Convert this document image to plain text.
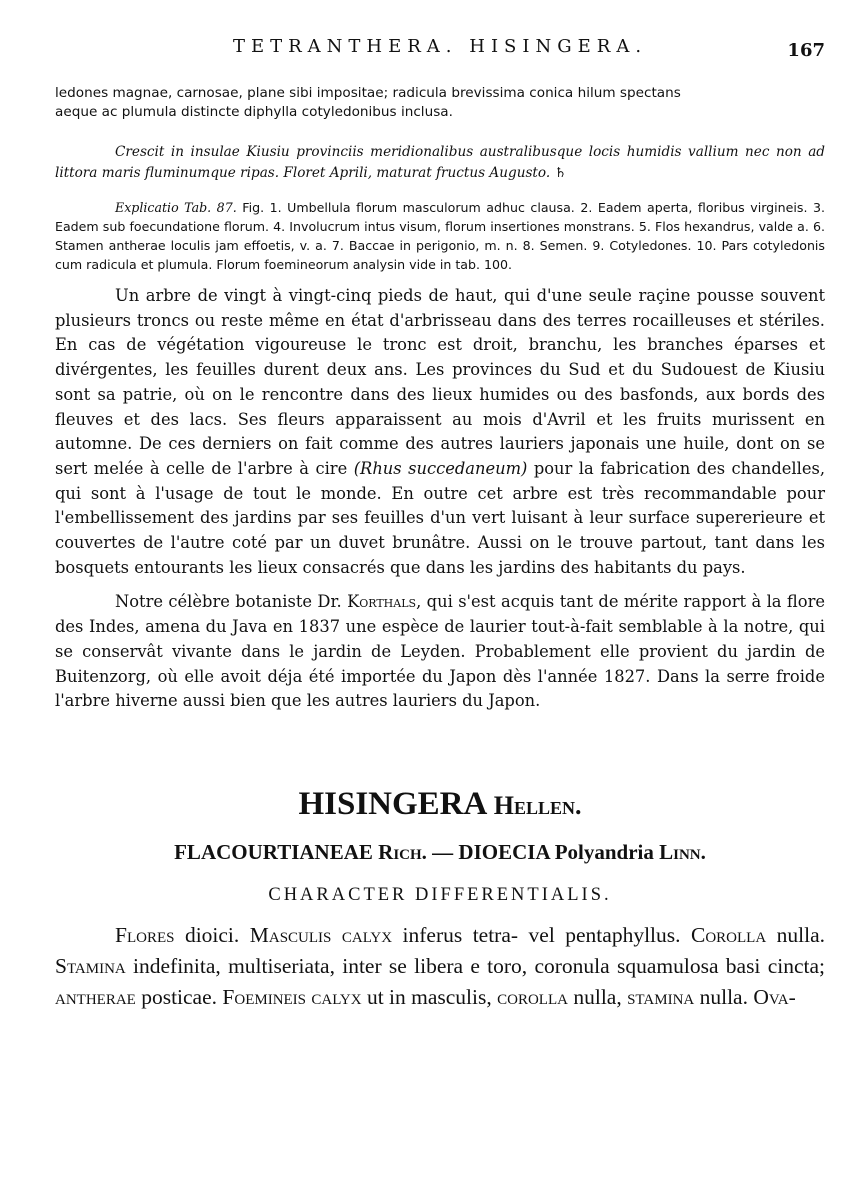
TETRANTHERA. HISINGERA.	167

ledones magnae, carnosae, plane sibi impositae; radicula brevissima conica hilum spectans

aeque ac plumula distincte diphylla cotyledonibus inclusa.

Crescit in insulae Kiusiu provinciis meridionalibus australibusque locis humidis vallium nec non ad littora maris fluminumque ripas. Floret Aprili, maturat fructus Augusto. ♄
Explicatio Tab. 87. Fig. 1. Umbellula florum masculorum adhuc clausa. 2. Eadem aperta, floribus virgineis. 3. Eadem sub foecundatione florum. 4. Involucrum intus visum, florum insertiones monstrans. 5. Flos hexandrus, valde a. 6. Stamen antherae loculis jam effoetis, v. a. 7. Baccae in perigonio, m. n. 8. Semen. 9. Cotyledones. 10. Pars cotyledonis cum radicula et plumula. Florum foemineorum analysin vide in tab. 100.

Un arbre de vingt à vingt-cinq pieds de haut, qui d'une seule raçine pousse souvent plusieurs troncs ou reste même en état d'arbrisseau dans des terres rocailleuses et stériles. En cas de végétation vigoureuse le tronc est droit, branchu, les branches éparses et divérgentes, les feuilles durent deux ans. Les provinces du Sud et du Sudouest de Kiusiu sont sa patrie, où on le rencontre dans des lieux humides ou des basfonds, aux bords des fleuves et des lacs. Ses fleurs apparaissent au mois d'Avril et les fruits murissent en automne. De ces derniers on fait comme des autres lauriers japonais une huile, dont on se sert melée à celle de l'arbre à cire (Rhus succedaneum) pour la fabrication des chandelles, qui sont à l'usage de tout le monde. En outre cet arbre est très recommandable pour l'embellissement des jardins par ses feuilles d'un vert luisant à leur surface supererieure et couvertes de l'autre coté par un duvet brunâtre. Aussi on le trouve partout, tant dans les bosquets entourants les lieux consacrés que dans les jardins des habitants du pays.

Notre célèbre botaniste Dr. Korthals, qui s'est acquis tant de mérite rapport à la flore des Indes, amena du Java en 1837 une espèce de laurier tout-à-fait semblable à la notre, qui se conservât vivante dans le jardin de Leyden. Probablement elle provient du jardin de Buitenzorg, où elle avoit déja été importée du Japon dès l'année 1827. Dans la serre froide l'arbre hiverne aussi bien que les autres lauriers du Japon.

HISINGERA Hellen.
FLACOURTIANEAE Rich. — DIOECIA Polyandria Linn.
CHARACTER DIFFERENTIALIS.
Flores dioici. Masculis calyx inferus tetra- vel pentaphyllus. Corolla nulla. Stamina indefinita, multiseriata, inter se libera e toro, coronula squamulosa basi cincta; antherae posticae. Foemineis calyx ut in masculis, corolla nulla, stamina nulla. Ova-
